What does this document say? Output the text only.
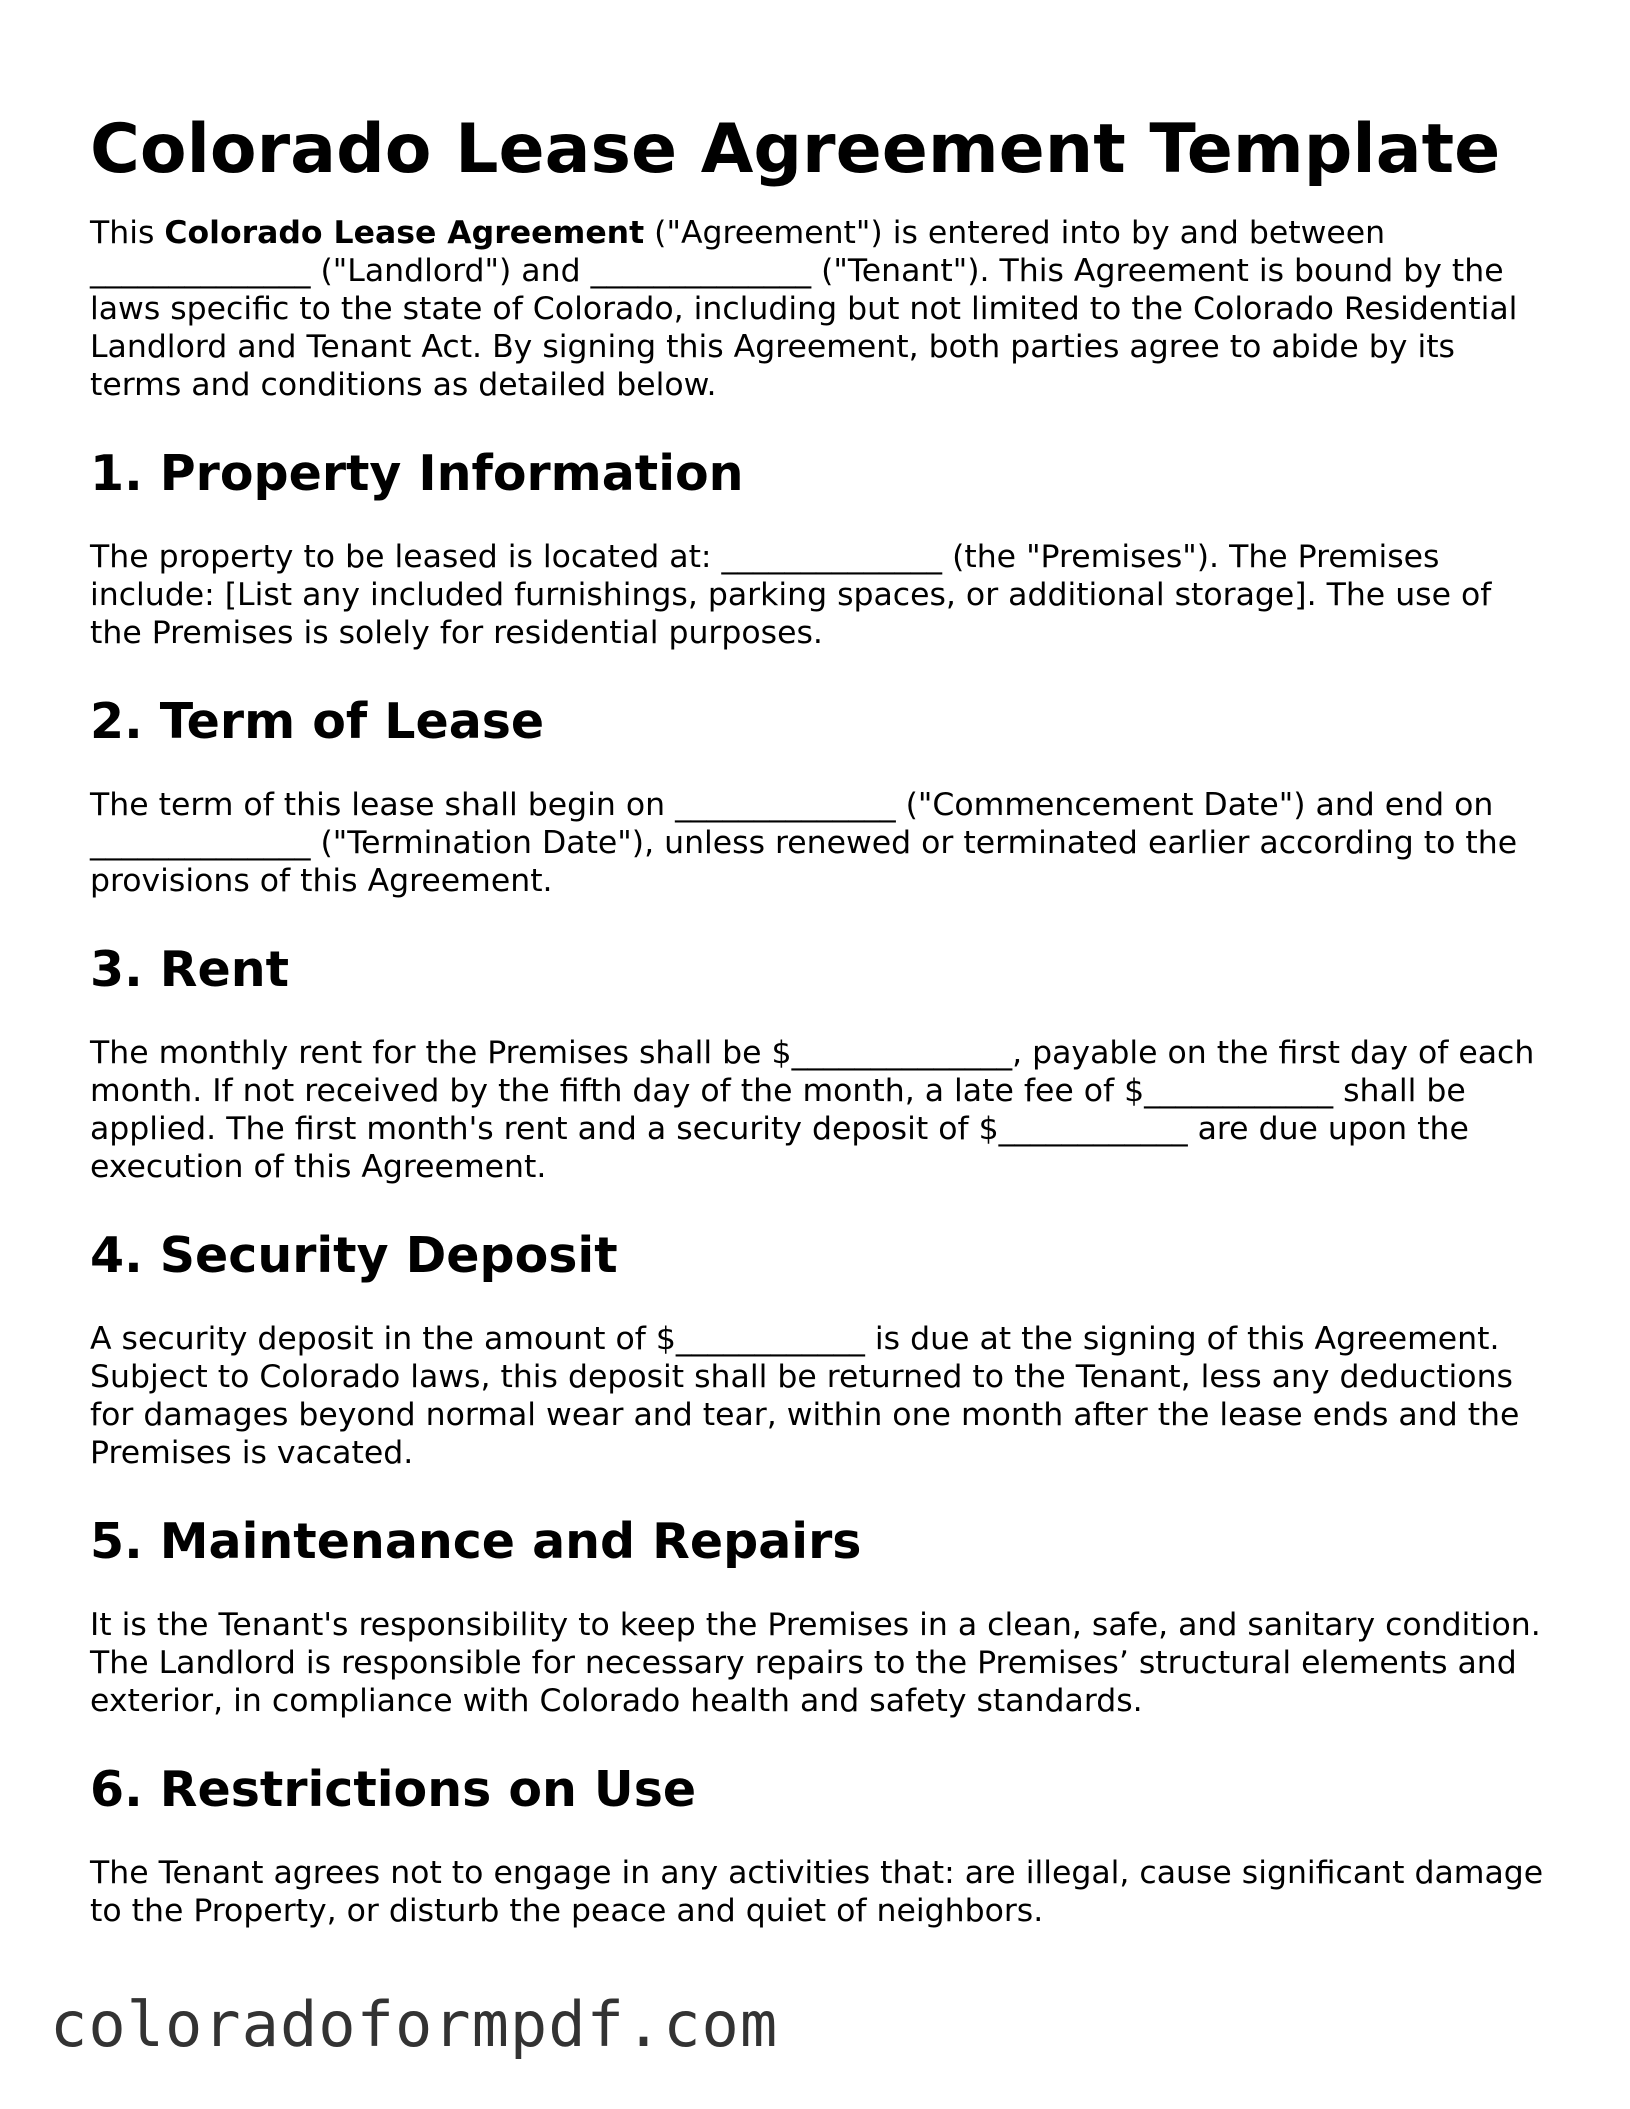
Colorado Lease Agreement Template

This Colorado Lease Agreement ("Agreement") is entered into by and between ______________ ("Landlord") and ______________ ("Tenant"). This Agreement is bound by the laws specific to the state of Colorado, including but not limited to the Colorado Residential Landlord and Tenant Act. By signing this Agreement, both parties agree to abide by its terms and conditions as detailed below.

1. Property Information

The property to be leased is located at: ______________ (the "Premises"). The Premises include: [List any included furnishings, parking spaces, or additional storage]. The use of the Premises is solely for residential purposes.

2. Term of Lease

The term of this lease shall begin on ______________ ("Commencement Date") and end on ______________ ("Termination Date"), unless renewed or terminated earlier according to the provisions of this Agreement.

3. Rent

The monthly rent for the Premises shall be $______________, payable on the first day of each month. If not received by the fifth day of the month, a late fee of $____________ shall be applied. The first month's rent and a security deposit of $____________ are due upon the execution of this Agreement.

4. Security Deposit

A security deposit in the amount of $____________ is due at the signing of this Agreement. Subject to Colorado laws, this deposit shall be returned to the Tenant, less any deductions for damages beyond normal wear and tear, within one month after the lease ends and the Premises is vacated.

5. Maintenance and Repairs

It is the Tenant's responsibility to keep the Premises in a clean, safe, and sanitary condition. The Landlord is responsible for necessary repairs to the Premises’ structural elements and exterior, in compliance with Colorado health and safety standards.

6. Restrictions on Use

The Tenant agrees not to engage in any activities that: are illegal, cause significant damage to the Property, or disturb the peace and quiet of neighbors.

coloradoformpdf.com
